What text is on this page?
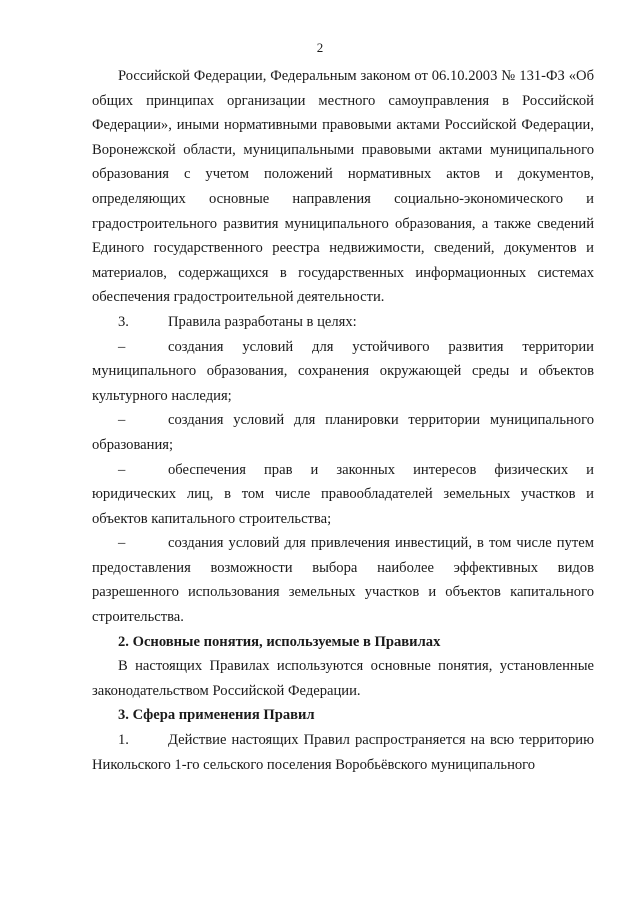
2

Российской Федерации, Федеральным законом от 06.10.2003 № 131-ФЗ «Об общих принципах организации местного самоуправления в Российской Федерации», иными нормативными правовыми актами Российской Федерации, Воронежской области, муниципальными правовыми актами муниципального образования с учетом положений нормативных актов и документов, определяющих основные направления социально-экономического и градостроительного развития муниципального образования, а также сведений Единого государственного реестра недвижимости, сведений, документов и материалов, содержащихся в государственных информационных системах обеспечения градостроительной деятельности.

3.	Правила разработаны в целях:

–	создания условий для устойчивого развития территории муниципального образования, сохранения окружающей среды и объектов культурного наследия;

–	создания условий для планировки территории муниципального образования;

–	обеспечения прав и законных интересов физических и юридических лиц, в том числе правообладателей земельных участков и объектов капитального строительства;

–	создания условий для привлечения инвестиций, в том числе путем предоставления возможности выбора наиболее эффективных видов разрешенного использования земельных участков и объектов капитального строительства.

2. Основные понятия, используемые в Правилах

В настоящих Правилах используются основные понятия, установленные законодательством Российской Федерации.

3. Сфера применения Правил

1.	Действие настоящих Правил распространяется на всю территорию Никольского 1-го сельского поселения Воробьёвского муниципального
